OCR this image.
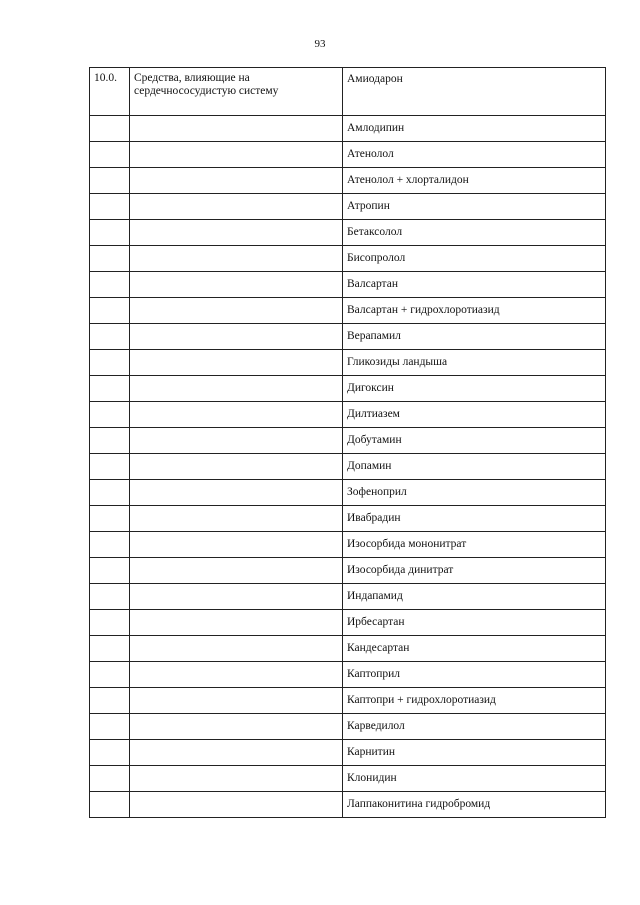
93
10.0.	Средства, влияющие на сердечнососудистую систему	Амиодарон
		Амлодипин
		Атенолол
		Атенолол + хлорталидон
		Атропин
		Бетаксолол
		Бисопролол
		Валсартан
		Валсартан + гидрохлоротиазид
		Верапамил
		Гликозиды ландыша
		Дигоксин
		Дилтиазем
		Добутамин
		Допамин
		Зофеноприл
		Ивабрадин
		Изосорбида мононитрат
		Изосорбида динитрат
		Индапамид
		Ирбесартан
		Кандесартан
		Каптоприл
		Каптопри + гидрохлоротиазид
		Карведилол
		Карнитин
		Клонидин
		Лаппаконитина гидробромид
